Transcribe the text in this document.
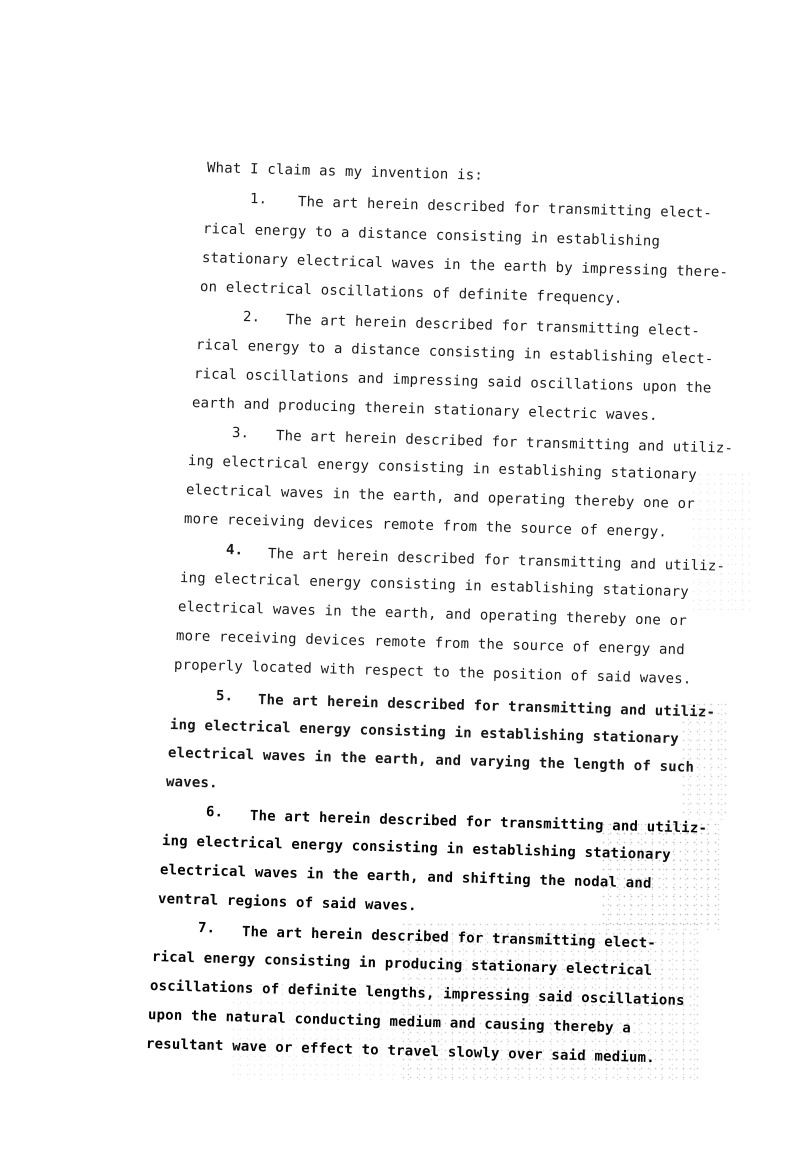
What I claim as my invention is:
1. The art herein described for transmitting elect-
rical energy to a distance consisting in establishing
stationary electrical waves in the earth by impressing there-
on electrical oscillations of definite frequency.
2. The art herein described for transmitting elect-
rical energy to a distance consisting in establishing elect-
rical oscillations and impressing said oscillations upon the
earth and producing therein stationary electric waves.
3. The art herein described for transmitting and utiliz-
ing electrical energy consisting in establishing stationary
electrical waves in the earth, and operating thereby one or
more receiving devices remote from the source of energy.
4. The art herein described for transmitting and utiliz-
ing electrical energy consisting in establishing stationary
electrical waves in the earth, and operating thereby one or
more receiving devices remote from the source of energy and
properly located with respect to the position of said waves.
5. The art herein described for transmitting and utiliz-
ing electrical energy consisting in establishing stationary
electrical waves in the earth, and varying the length of such
waves.
6. The art herein described for transmitting and utiliz-
ing electrical energy consisting in establishing stationary
electrical waves in the earth, and shifting the nodal and
ventral regions of said waves.
7. The art herein described for transmitting elect-
rical energy consisting in producing stationary electrical
oscillations of definite lengths, impressing said oscillations
upon the natural conducting medium and causing thereby a
resultant wave or effect to travel slowly over said medium.
